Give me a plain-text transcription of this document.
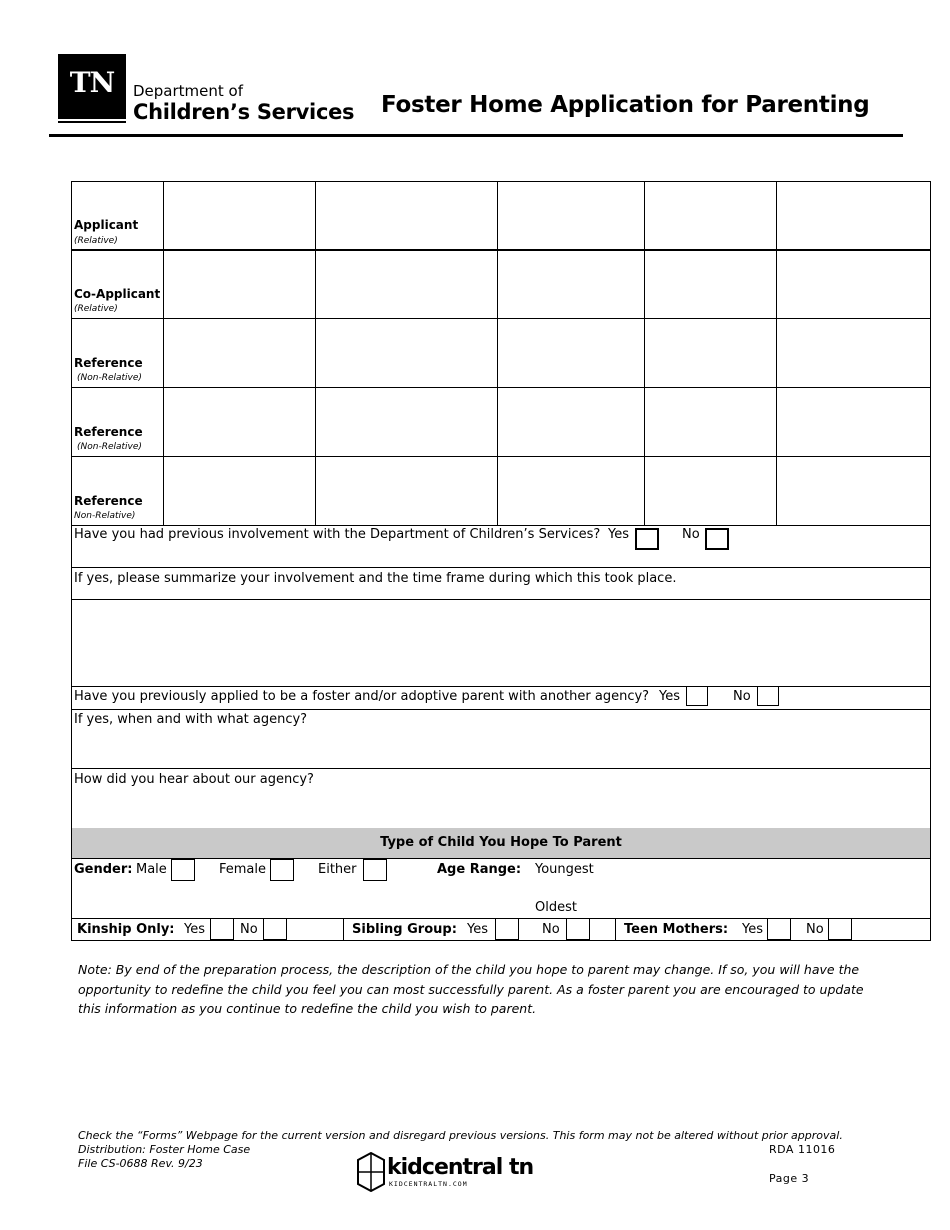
TN	Department of
Children’s Services Foster Home Application for Parenting
Applicant
(Relative)
Co-Applicant
(Relative)
Reference
(Non-Relative)
Reference
(Non-Relative)
Reference
Non-Relative)
Have you had previous involvement with the Department of Children’s Services? Yes	No
If yes, please summarize your involvement and the time frame during which this took place.
Have you previously applied to be a foster and/or adoptive parent with another agency? Yes	No
If yes, when and with what agency?
How did you hear about our agency?
Type of Child You Hope To Parent
Gender: Male	Female	Either	Age Range: Youngest
Oldest
Kinship Only: Yes	No	Sibling Group: Yes	No	Teen Mothers: Yes	No
Note: By end of the preparation process, the description of the child you hope to parent may change. If so, you will have the opportunity to redefine the child you feel you can most successfully parent. As a foster parent you are encouraged to update this information as you continue to redefine the child you wish to parent.
Check the “Forms” Webpage for the current version and disregard previous versions. This form may not be altered without prior approval.
Distribution: Foster Home Case
File CS-0688 Rev. 9/23
RDA 11016
Page 3
kidcentral tn
KIDCENTRALTN.COM
